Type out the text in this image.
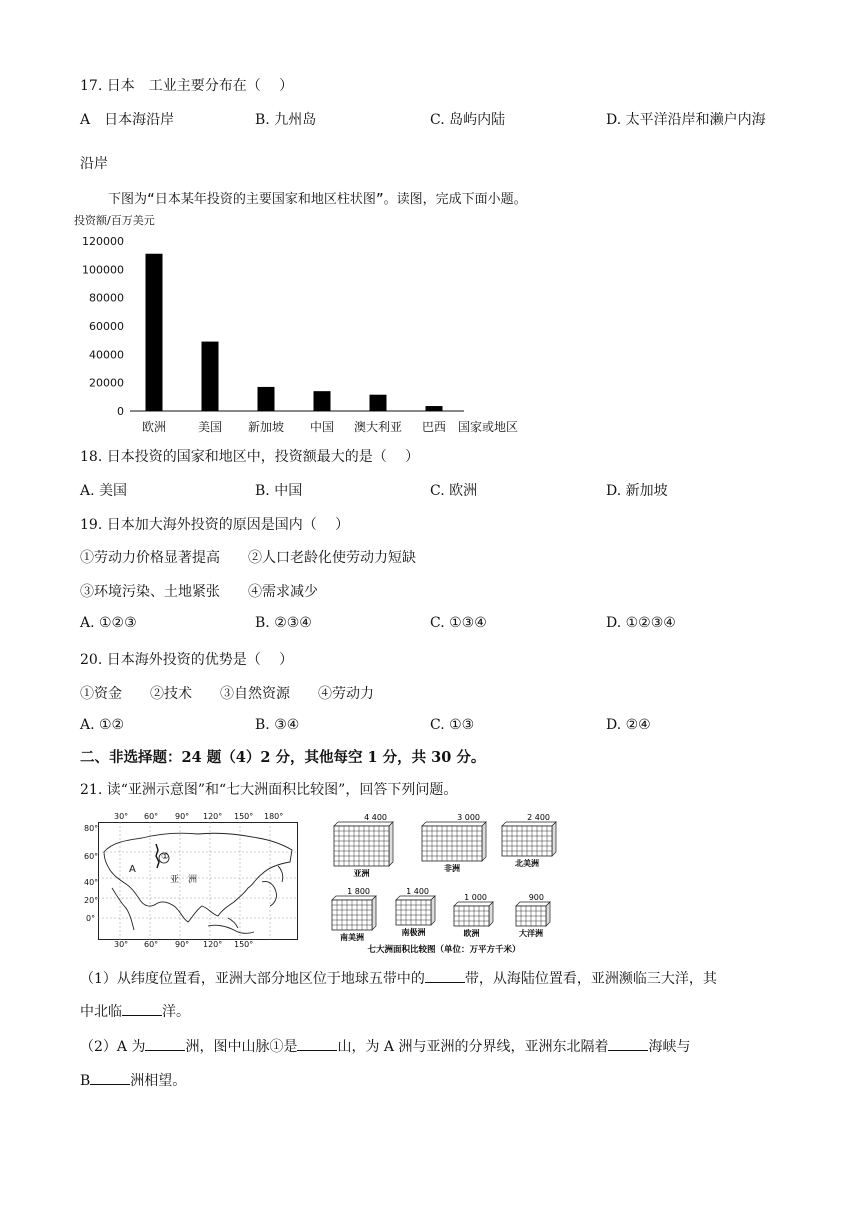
17. 日本　工业主要分布在（　 ）
A　日本海沿岸	B. 九州岛	C. 岛屿内陆	D. 太平洋沿岸和濑户内海
沿岸
下图为“日本某年投资的主要国家和地区柱状图”。读图，完成下面小题。
投资额/百万美元
120000
100000
80000
60000
40000
20000
0
欧洲	美国 新加坡 中国 澳大利亚 巴西 国家或地区
18. 日本投资的国家和地区中，投资额最大的是（　 ）
A. 美国	B. 中国	C. 欧洲	D. 新加坡
19. 日本加大海外投资的原因是国内（　 ）
①劳动力价格显著提高　　②人口老龄化使劳动力短缺
③环境污染、土地紧张　　④需求减少
A. ①②③	B. ②③④	C. ①③④	D. ①②③④
20. 日本海外投资的优势是（　 ）
①资金　　②技术　　③自然资源　　④劳动力
A. ①②	B. ③④	C. ①③	D. ②④
二、非选择题：24 题（4）2 分，其他每空 1 分，共 30 分。
21. 读“亚洲示意图”和“七大洲面积比较图”，回答下列问题。
30° 60° 90° 120° 150° 180°
80°
60°
40°
20°
0°
①
A
亚　洲
30° 60° 90° 120° 150°
4 400
亚洲
3 000
非洲
2 400
北美洲
1 800
南美洲
1 400
南极洲
1 000
欧洲
900
大洋洲
七大洲面积比较图（单位：万平方千米）
（1）从纬度位置看，亚洲大部分地区位于地球五带中的	带，从海陆位置看，亚洲濒临三大洋，其
中北临	洋。
（2）A 为	洲，图中山脉①是	山，为 A 洲与亚洲的分界线，亚洲东北隔着	海峡与
B	洲相望。
